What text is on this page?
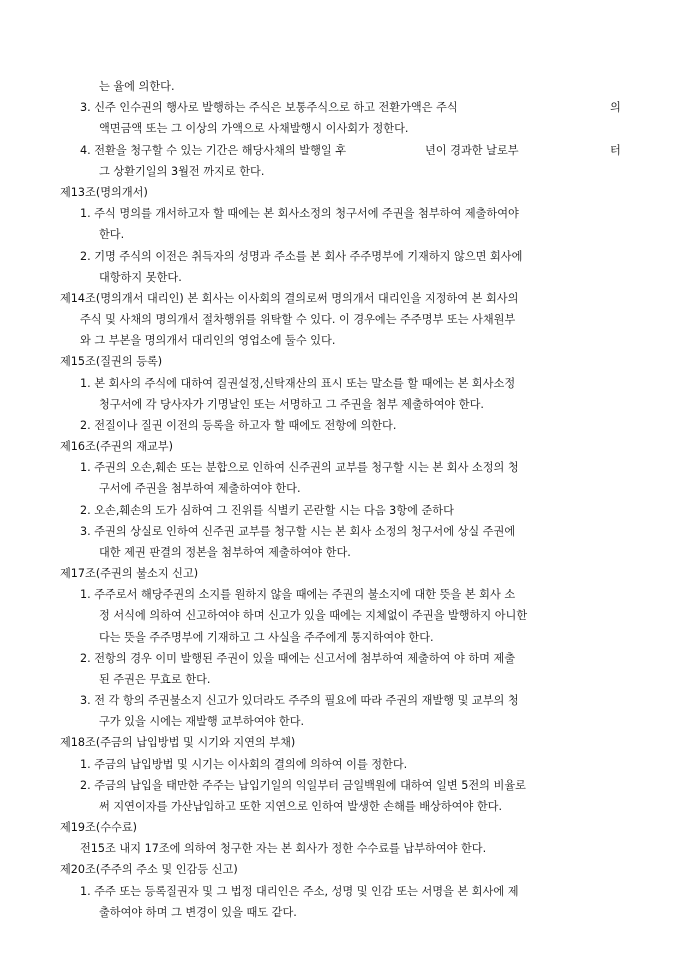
는 율에 의한다.
3. 신주 인수권의 행사로 발행하는 주식은 보통주식으로 하고 전환가액은 주식	의
액면금액 또는 그 이상의 가액으로 사채발행시 이사회가 정한다.
4. 전환을 청구할 수 있는 기간은 해당사채의 발행일 후	년이 경과한 날로부	터
그 상환기일의 3월전 까지로 한다.
제13조(명의개서)
1. 주식 명의를 개서하고자 할 때에는 본 회사소정의 청구서에 주권을 첨부하여 제출하여야
한다.
2. 기명 주식의 이전은 취득자의 성명과 주소를 본 회사 주주명부에 기재하지 않으면 회사에
대항하지 못한다.
제14조(명의개서 대리인) 본 회사는 이사회의 결의로써 명의개서 대리인을 지정하여 본 회사의
주식 및 사채의 명의개서 절차행위를 위탁할 수 있다. 이 경우에는 주주명부 또는 사채원부
와 그 부본을 명의개서 대리인의 영업소에 둘수 있다.
제15조(질권의 등록)
1. 본 회사의 주식에 대하여 질권설정,신탁재산의 표시 또는 말소를 할 때에는 본 회사소정
청구서에 각 당사자가 기명날인 또는 서명하고 그 주권을 첨부 제출하여야 한다.
2. 전질이나 질권 이전의 등록을 하고자 할 때에도 전항에 의한다.
제16조(주권의 재교부)
1. 주권의 오손,훼손 또는 분합으로 인하여 신주권의 교부를 청구할 시는 본 회사 소정의 청
구서에 주권을 첨부하여 제출하여야 한다.
2. 오손,훼손의 도가 심하여 그 진위를 식별키 곤란할 시는 다음 3항에 준하다
3. 주권의 상실로 인하여 신주권 교부를 청구할 시는 본 회사 소정의 청구서에 상실 주권에
대한 제권 판결의 정본을 첨부하여 제출하여야 한다.
제17조(주권의 불소지 신고)
1. 주주로서 해당주권의 소지를 원하지 않을 때에는 주권의 불소지에 대한 뜻을 본 회사 소
정 서식에 의하여 신고하여야 하며 신고가 있을 때에는 지체없이 주권을 발행하지 아니한
다는 뜻을 주주명부에 기재하고 그 사실을 주주에게 통지하여야 한다.
2. 전항의 경우 이미 발행된 주권이 있을 때에는 신고서에 첨부하여 제출하여 야 하며 제출
된 주권은 무효로 한다.
3. 전 각 항의 주권불소지 신고가 있더라도 주주의 필요에 따라 주권의 재발행 및 교부의 청
구가 있을 시에는 재발행 교부하여야 한다.
제18조(주금의 납입방법 및 시기와 지연의 부채)
1. 주금의 납입방법 및 시기는 이사회의 결의에 의하여 이를 정한다.
2. 주금의 납입을 태만한 주주는 납입기일의 익일부터 금일백원에 대하여 일변 5전의 비율로
써 지연이자를 가산납입하고 또한 지연으로 인하여 발생한 손해를 배상하여야 한다.
제19조(수수료)
전15조 내지 17조에 의하여 청구한 자는 본 회사가 정한 수수료를 납부하여야 한다.
제20조(주주의 주소 및 인감등 신고)
1. 주주 또는 등록질권자 및 그 법정 대리인은 주소, 성명 및 인감 또는 서명을 본 회사에 제
출하여야 하며 그 변경이 있을 때도 같다.
